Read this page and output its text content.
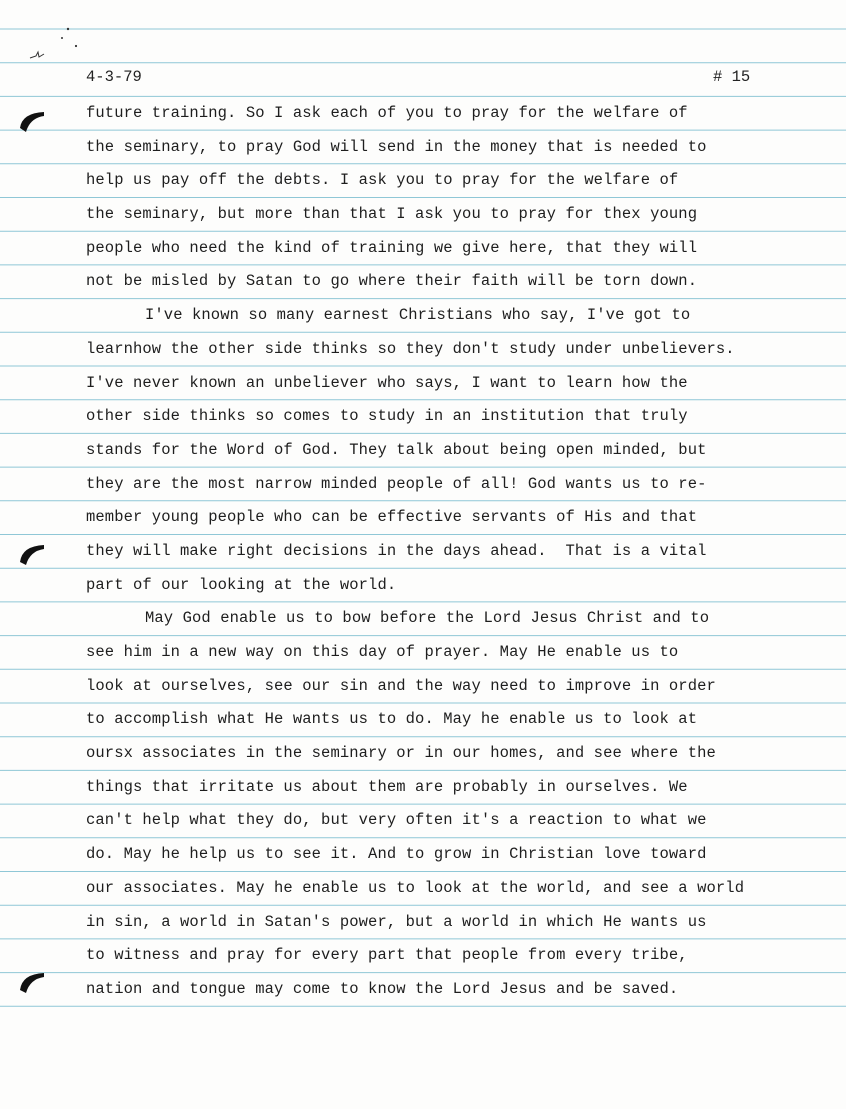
4-3-79	# 15
future training. So I ask each of you to pray for the welfare of
the seminary, to pray God will send in the money that is needed to
help us pay off the debts. I ask you to pray for the welfare of
the seminary, but more than that I ask you to pray for thex young
people who need the kind of training we give here, that they will
not be misled by Satan to go where their faith will be torn down.
I've known so many earnest Christians who say, I've got to
learnhow the other side thinks so they don't study under unbelievers.
I've never known an unbeliever who says, I want to learn how the
other side thinks so comes to study in an institution that truly
stands for the Word of God. They talk about being open minded, but
they are the most narrow minded people of all! God wants us to re-
member young people who can be effective servants of His and that
they will make right decisions in the days ahead.  That is a vital
part of our looking at the world.
May God enable us to bow before the Lord Jesus Christ and to
see him in a new way on this day of prayer. May He enable us to
look at ourselves, see our sin and the way need to improve in order
to accomplish what He wants us to do. May he enable us to look at
oursx associates in the seminary or in our homes, and see where the
things that irritate us about them are probably in ourselves. We
can't help what they do, but very often it's a reaction to what we
do. May he help us to see it. And to grow in Christian love toward
our associates. May he enable us to look at the world, and see a world
in sin, a world in Satan's power, but a world in which He wants us
to witness and pray for every part that people from every tribe,
nation and tongue may come to know the Lord Jesus and be saved.
